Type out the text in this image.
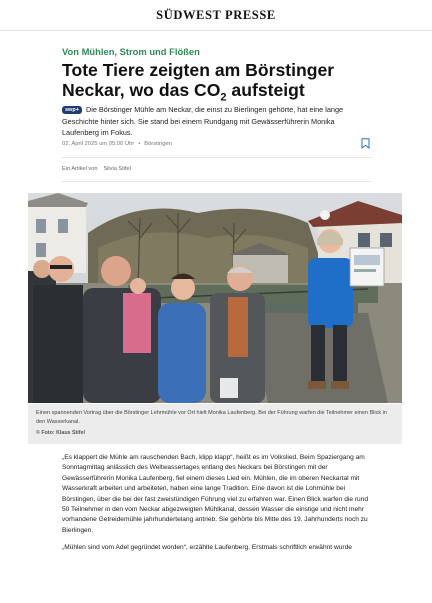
SÜDWEST PRESSE
Von Mühlen, Strom und Flößen
Tote Tiere zeigten am Börstinger Neckar, wo das $CO_2$ aufsteigt
swp+ Die Börstinger Mühle am Neckar, die einst zu Bierlingen gehörte, hat eine lange Geschichte hinter sich. Sie stand bei einem Rundgang mit Gewässerführerin Monika Laufenberg im Fokus.
02. April 2025 um 05:00 Uhr • Börstingen
Ein Artikel von Silvia Stifel
Einen spannenden Vortrag über die Börstinger Lehrmühle vor Ort hielt Monika Laufenberg. Bei der Führung warfen die Teilnehmer einen Blick in den Wasserkanal.
© Foto: Klaus Stifel

„Es klappert die Mühle am rauschenden Bach, klipp klapp“, heißt es im Volkslied. Beim Spaziergang am Sonntagmittag anlässlich des Weltwassertages entlang des Neckars bei Börstingen mit der Gewässerführerin Monika Laufenberg, fiel einem dieses Lied ein. Mühlen, die im oberen Neckartal mit Wasserkraft arbeiten und arbeiteten, haben eine lange Tradition. Eine davon ist die Lohmühle bei Börstingen, über die bei der fast zweistündigen Führung viel zu erfahren war. Einen Blick warfen die rund 50 Teilnehmer in den vom Neckar abgezweigten Mühlkanal, dessen Wasser die einstige und nicht mehr vorhandene Getreidemühle jahrhundertelang antrieb. Sie gehörte bis Mitte des 19. Jahrhunderts noch zu Bierlingen.

„Mühlen sind vom Adel gegründet worden“, erzählte Laufenberg. Erstmals schriftlich erwähnt wurde
